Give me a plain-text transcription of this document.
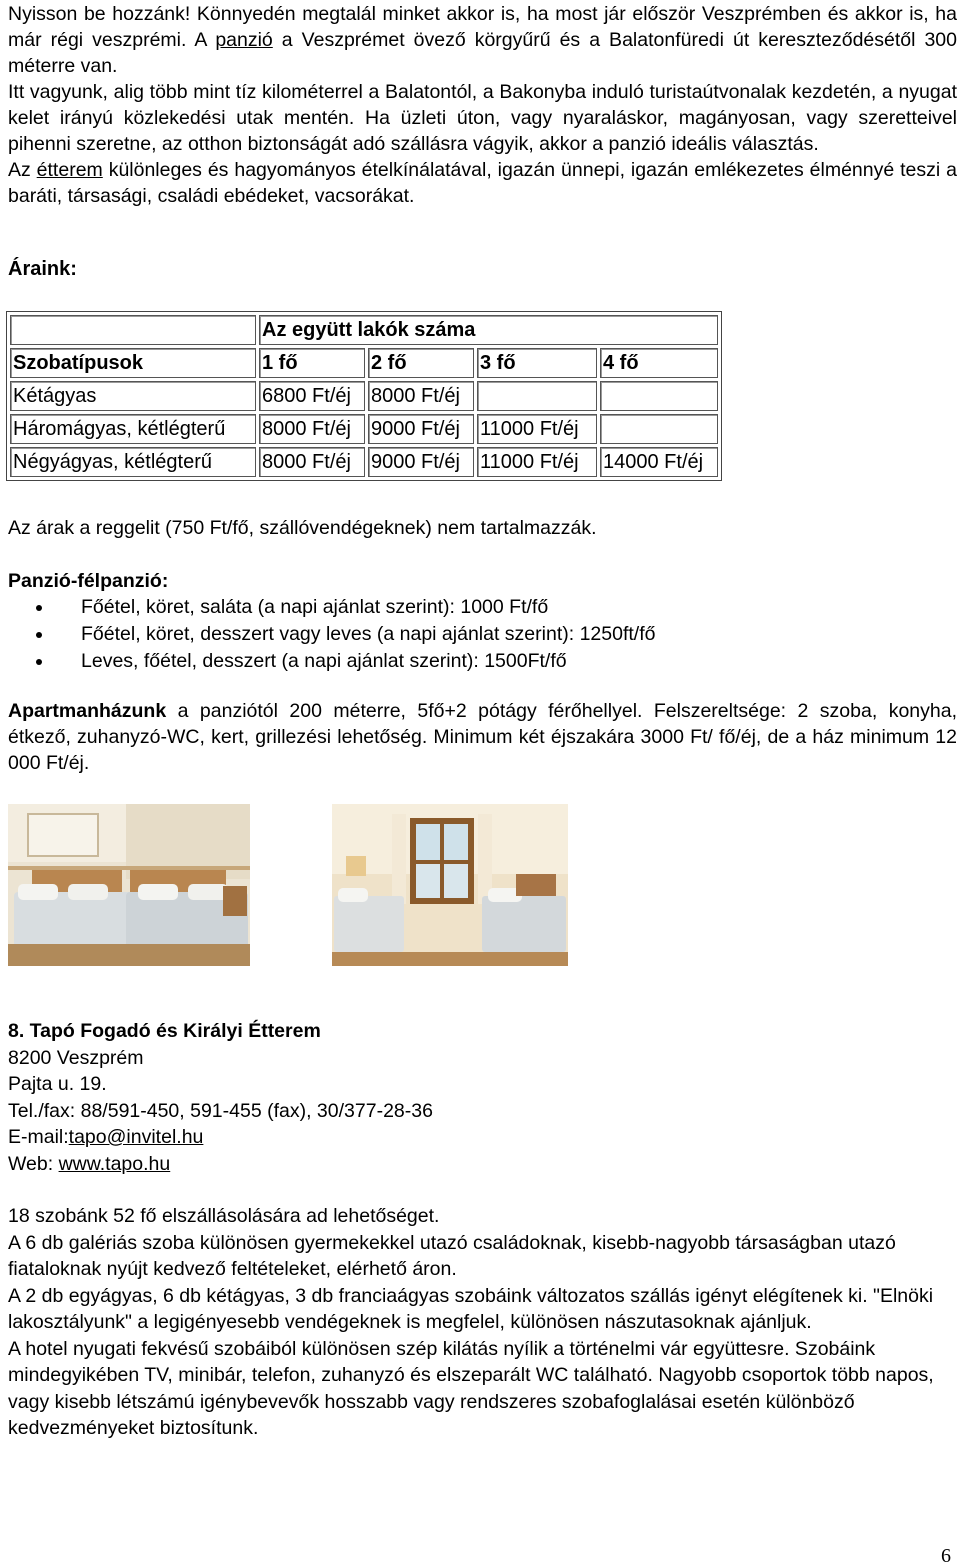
Nyisson be hozzánk! Könnyedén megtalál minket akkor is, ha most jár először Veszprémben és akkor is, ha már régi veszprémi. A panzió a Veszprémet övező körgyűrű és a Balatonfüredi út kereszteződésétől 300 méterre van.

Itt vagyunk, alig több mint tíz kilométerrel a Balatontól, a Bakonyba induló turistaútvonalak kezdetén, a nyugat kelet irányú közlekedési utak mentén. Ha üzleti úton, vagy nyaraláskor, magányosan, vagy szeretteivel pihenni szeretne, az otthon biztonságát adó szállásra vágyik, akkor a panzió ideális választás.

Az étterem különleges és hagyományos ételkínálatával, igazán ünnepi, igazán emlékezetes élménnyé teszi a baráti, társasági, családi ebédeket, vacsorákat.

Áraink:
	Az együtt lakók száma			
Szobatípusok	1 fő	2 fő	3 fő	4 fő
Kétágyas	6800 Ft/éj	8000 Ft/éj		
Háromágyas, kétlégterű	8000 Ft/éj	9000 Ft/éj	11000 Ft/éj	
Négyágyas, kétlégterű	8000 Ft/éj	9000 Ft/éj	11000 Ft/éj	14000 Ft/éj
Az árak a reggelit (750 Ft/fő, szállóvendégeknek) nem tartalmazzák.
Panzió-félpanzió:
Főétel, köret, saláta (a napi ajánlat szerint): 1000 Ft/fő
Főétel, köret, desszert vagy leves (a napi ajánlat szerint): 1250ft/fő
Leves, főétel, desszert (a napi ajánlat szerint): 1500Ft/fő

Apartmanházunk a panziótól 200 méterre, 5fő+2 pótágy férőhellyel. Felszereltsége: 2 szoba, konyha, étkező, zuhanyzó-WC, kert, grillezési lehetőség. Minimum két éjszakára 3000 Ft/ fő/éj, de a ház minimum 12 000 Ft/éj.

8. Tapó Fogadó és Királyi Étterem
8200 Veszprém
Pajta u. 19.
Tel./fax: 88/591-450, 591-455 (fax), 30/377-28-36
E-mail:tapo@invitel.hu
Web: www.tapo.hu

18 szobánk 52 fő elszállásolására ad lehetőséget.

A 6 db galériás szoba különösen gyermekekkel utazó családoknak, kisebb-nagyobb társaságban utazó fiataloknak nyújt kedvező feltételeket, elérhető áron.

A 2 db egyágyas, 6 db kétágyas, 3 db franciaágyas szobáink változatos szállás igényt elégítenek ki. "Elnöki lakosztályunk" a legigényesebb vendégeknek is megfelel, különösen nászutasoknak ajánljuk.

A hotel nyugati fekvésű szobáiból különösen szép kilátás nyílik a történelmi vár együttesre. Szobáink mindegyikében TV, minibár, telefon, zuhanyzó és elszeparált WC található. Nagyobb csoportok több napos, vagy kisebb létszámú igénybevevők hosszabb vagy rendszeres szobafoglalásai esetén különböző kedvezményeket biztosítunk.

6
